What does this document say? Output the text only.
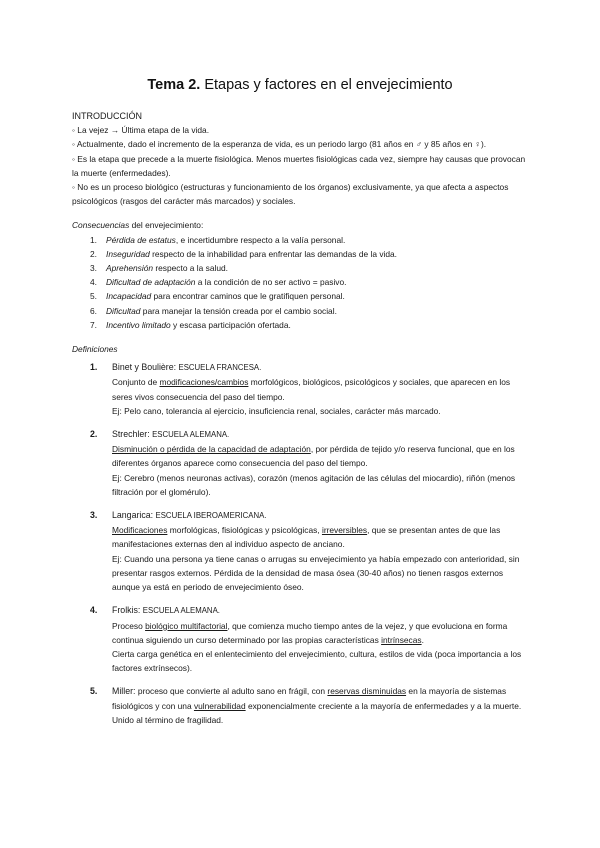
Tema 2. Etapas y factores en el envejecimiento

INTRODUCCIÓN

◦ La vejez → Última etapa de la vida.

◦ Actualmente, dado el incremento de la esperanza de vida, es un periodo largo (81 años en ♂ y 85 años en ♀).

◦ Es la etapa que precede a la muerte fisiológica. Menos muertes fisiológicas cada vez, siempre hay causas que provocan la muerte (enfermedades).

◦ No es un proceso biológico (estructuras y funcionamiento de los órganos) exclusivamente, ya que afecta a aspectos psicológicos (rasgos del carácter más marcados) y sociales.

Consecuencias del envejecimiento:

1. Pérdida de estatus, e incertidumbre respecto a la valía personal.
2. Inseguridad respecto de la inhabilidad para enfrentar las demandas de la vida.
3. Aprehensión respecto a la salud.
4. Dificultad de adaptación a la condición de no ser activo = pasivo.
5. Incapacidad para encontrar caminos que le gratifiquen personal.
6. Dificultad para manejar la tensión creada por el cambio social.
7. Incentivo limitado y escasa participación ofertada.

Definiciones

1. Binet y Boulière: ESCUELA FRANCESA.
Conjunto de modificaciones/cambios morfológicos, biológicos, psicológicos y sociales, que aparecen en los seres vivos consecuencia del paso del tiempo.
Ej: Pelo cano, tolerancia al ejercicio, insuficiencia renal, sociales, carácter más marcado.
2. Strechler: ESCUELA ALEMANA.
Disminución o pérdida de la capacidad de adaptación, por pérdida de tejido y/o reserva funcional, que en los diferentes órganos aparece como consecuencia del paso del tiempo.
Ej: Cerebro (menos neuronas activas), corazón (menos agitación de las células del miocardio), riñón (menos filtración por el glomérulo).
3. Langarica: ESCUELA IBEROAMERICANA.
Modificaciones morfológicas, fisiológicas y psicológicas, irreversibles, que se presentan antes de que las manifestaciones externas den al individuo aspecto de anciano.
Ej: Cuando una persona ya tiene canas o arrugas su envejecimiento ya había empezado con anterioridad, sin presentar rasgos externos. Pérdida de la densidad de masa ósea (30-40 años) no tienen rasgos externos aunque ya está en periodo de envejecimiento óseo.
4. Frolkis: ESCUELA ALEMANA.
Proceso biológico multifactorial, que comienza mucho tiempo antes de la vejez, y que evoluciona en forma continua siguiendo un curso determinado por las propias características intrínsecas.
Cierta carga genética en el enlentecimiento del envejecimiento, cultura, estilos de vida (poca importancia a los factores extrínsecos).
5. Miller: proceso que convierte al adulto sano en frágil, con reservas disminuidas en la mayoría de sistemas fisiológicos y con una vulnerabilidad exponencialmente creciente a la mayoría de enfermedades y a la muerte.
Unido al término de fragilidad.
